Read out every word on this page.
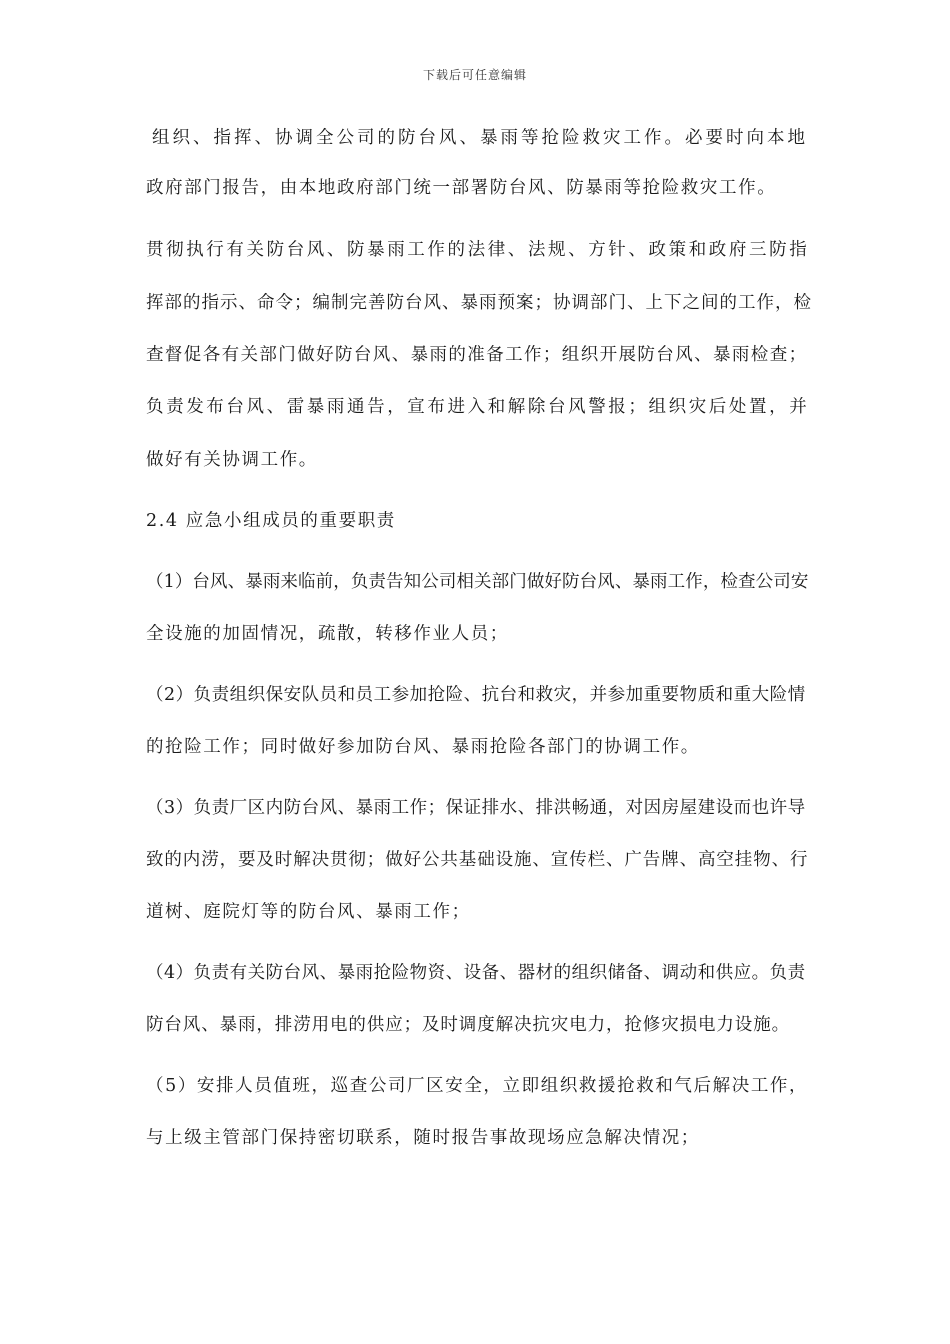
下载后可任意编辑
组织、指挥、协调全公司的防台风、暴雨等抢险救灾工作。必要时向本地
政府部门报告，由本地政府部门统一部署防台风、防暴雨等抢险救灾工作。
贯彻执行有关防台风、防暴雨工作的法律、法规、方针、政策和政府三防指
挥部的指示、命令；编制完善防台风、暴雨预案；协调部门、上下之间的工作，检
查督促各有关部门做好防台风、暴雨的准备工作；组织开展防台风、暴雨检查；
负责发布台风、雷暴雨通告，宣布进入和解除台风警报；组织灾后处置，并
做好有关协调工作。
2.4 应急小组成员的重要职责
（1）台风、暴雨来临前，负责告知公司相关部门做好防台风、暴雨工作，检查公司安
全设施的加固情况，疏散，转移作业人员；
（2）负责组织保安队员和员工参加抢险、抗台和救灾，并参加重要物质和重大险情
的抢险工作；同时做好参加防台风、暴雨抢险各部门的协调工作。
（3）负责厂区内防台风、暴雨工作；保证排水、排洪畅通，对因房屋建设而也许导
致的内涝，要及时解决贯彻；做好公共基础设施、宣传栏、广告牌、高空挂物、行
道树、庭院灯等的防台风、暴雨工作；
（4）负责有关防台风、暴雨抢险物资、设备、器材的组织储备、调动和供应。负责
防台风、暴雨，排涝用电的供应；及时调度解决抗灾电力，抢修灾损电力设施。
（5）安排人员值班，巡查公司厂区安全，立即组织救援抢救和气后解决工作，
与上级主管部门保持密切联系，随时报告事故现场应急解决情况；
